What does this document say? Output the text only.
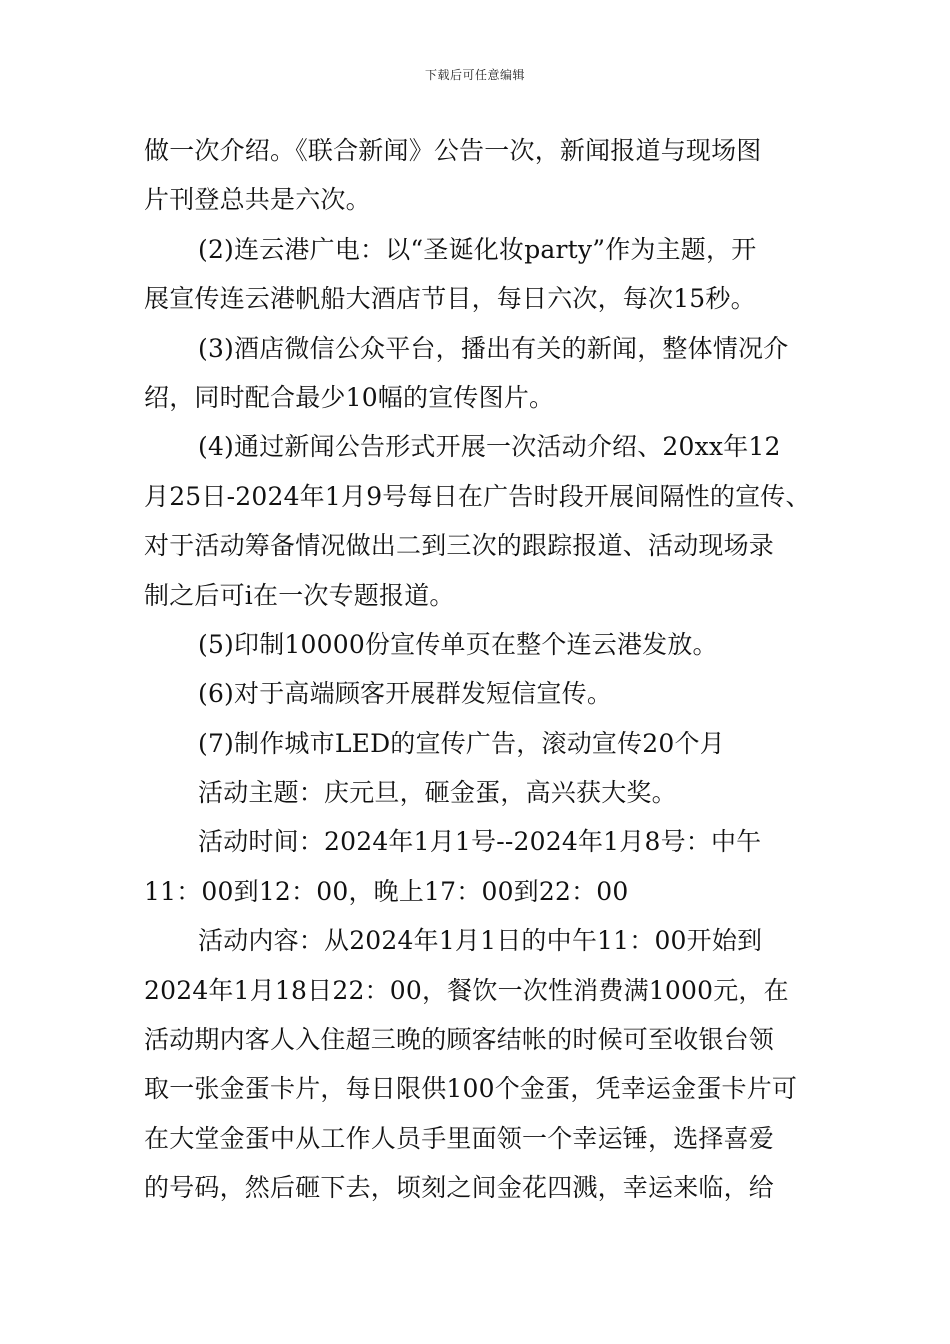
下载后可任意编辑
做一次介绍。《联合新闻》公告一次，新闻报道与现场图
片刊登总共是六次。
(2)连云港广电：以“圣诞化妆party”作为主题，开
展宣传连云港帆船大酒店节目，每日六次，每次15秒。
(3)酒店微信公众平台，播出有关的新闻，整体情况介
绍，同时配合最少10幅的宣传图片。
(4)通过新闻公告形式开展一次活动介绍、20xx年12
月25日-2024年1月9号每日在广告时段开展间隔性的宣传、
对于活动筹备情况做出二到三次的跟踪报道、活动现场录
制之后可i在一次专题报道。
(5)印制10000份宣传单页在整个连云港发放。
(6)对于高端顾客开展群发短信宣传。
(7)制作城市LED的宣传广告，滚动宣传20个月
活动主题：庆元旦，砸金蛋，高兴获大奖。
活动时间：2024年1月1号--2024年1月8号：中午
11：00到12：00，晚上17：00到22：00
活动内容：从2024年1月1日的中午11：00开始到
2024年1月18日22：00，餐饮一次性消费满1000元，在
活动期内客人入住超三晚的顾客结帐的时候可至收银台领
取一张金蛋卡片，每日限供100个金蛋，凭幸运金蛋卡片可
在大堂金蛋中从工作人员手里面领一个幸运锤，选择喜爱
的号码，然后砸下去，顷刻之间金花四溅，幸运来临，给
